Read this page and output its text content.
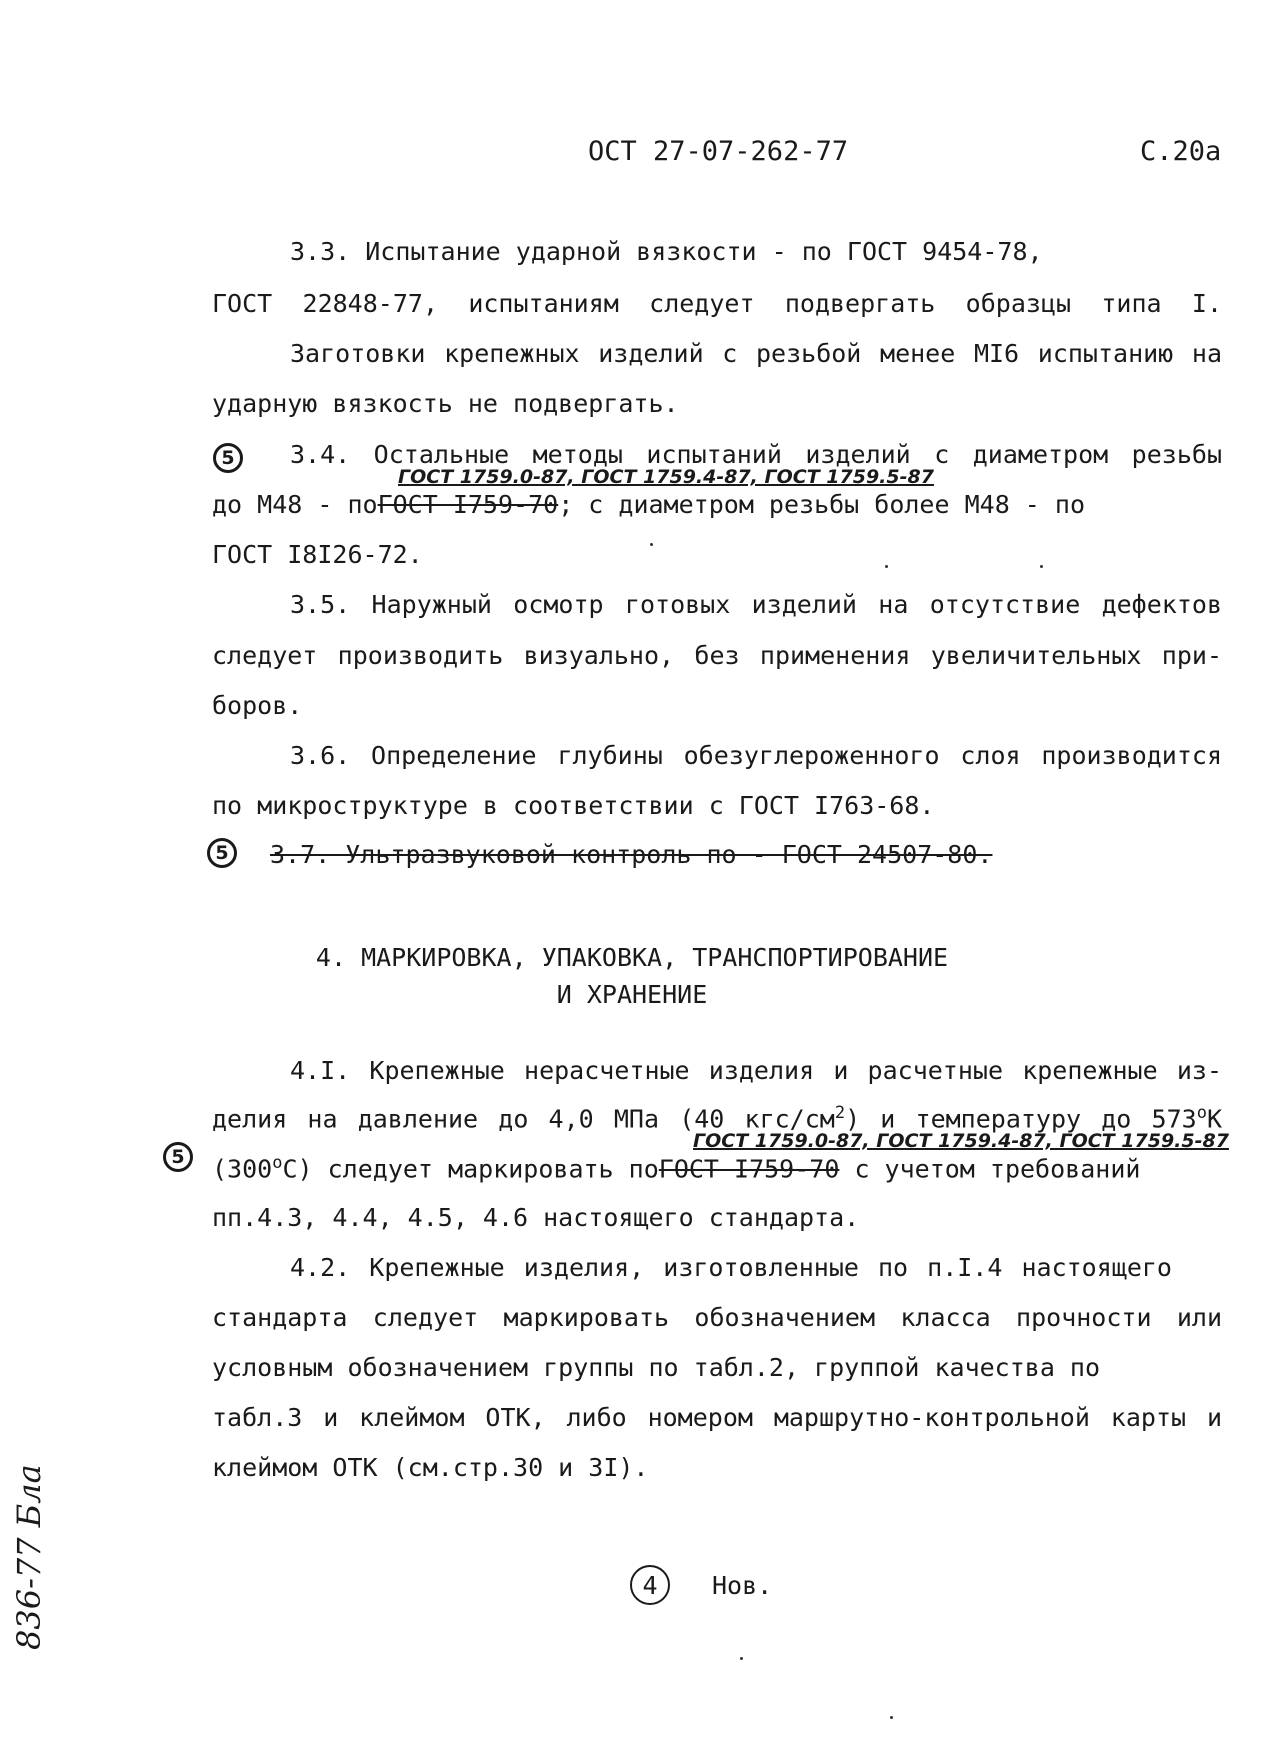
ОСТ 27-07-262-77	С.20а
3.3. Испытание ударной вязкости - по ГОСТ 9454-78,
ГОСТ 22848-77, испытаниям следует подвергать образцы типа I.
Заготовки крепежных изделий с резьбой менее МI6 испытанию на
ударную вязкость не подвергать.
5 3.4. Остальные методы испытаний изделий с диаметром резьбы
ГОСТ 1759.0-87, ГОСТ 1759.4-87, ГОСТ 1759.5-87
до М48 - поГОСТ I759-70; с диаметром резьбы более М48 - по
ГОСТ I8I26-72.
3.5. Наружный осмотр готовых изделий на отсутствие дефектов
следует производить визуально, без применения увеличительных при-
боров.
3.6. Определение глубины обезуглероженного слоя производится
по микроструктуре в соответствии с ГОСТ I763-68.
5 3.7. Ультразвуковой контроль по - ГОСТ 24507-80.
4. МАРКИРОВКА, УПАКОВКА, ТРАНСПОРТИРОВАНИЕ
И ХРАНЕНИЕ
4.I. Крепежные нерасчетные изделия и расчетные крепежные из-
делия на давление до 4,0 МПа (40 кгс/$см^2$) и температуру до $573^оК$
ГОСТ 1759.0-87, ГОСТ 1759.4-87, ГОСТ 1759.5-87
5 $(300^оС)$ следует маркировать поГОСТ I759-70 с учетом требований
пп.4.3, 4.4, 4.5, 4.6 настоящего стандарта.
4.2. Крепежные изделия, изготовленные по п.I.4 настоящего
стандарта следует маркировать обозначением класса прочности или
условным обозначением группы по табл.2, группой качества по
табл.3 и клеймом ОТК, либо номером маршрутно-контрольной карты и
клеймом ОТК (см.стр.30 и 3I).
4 Нов.
836-77 Бла
